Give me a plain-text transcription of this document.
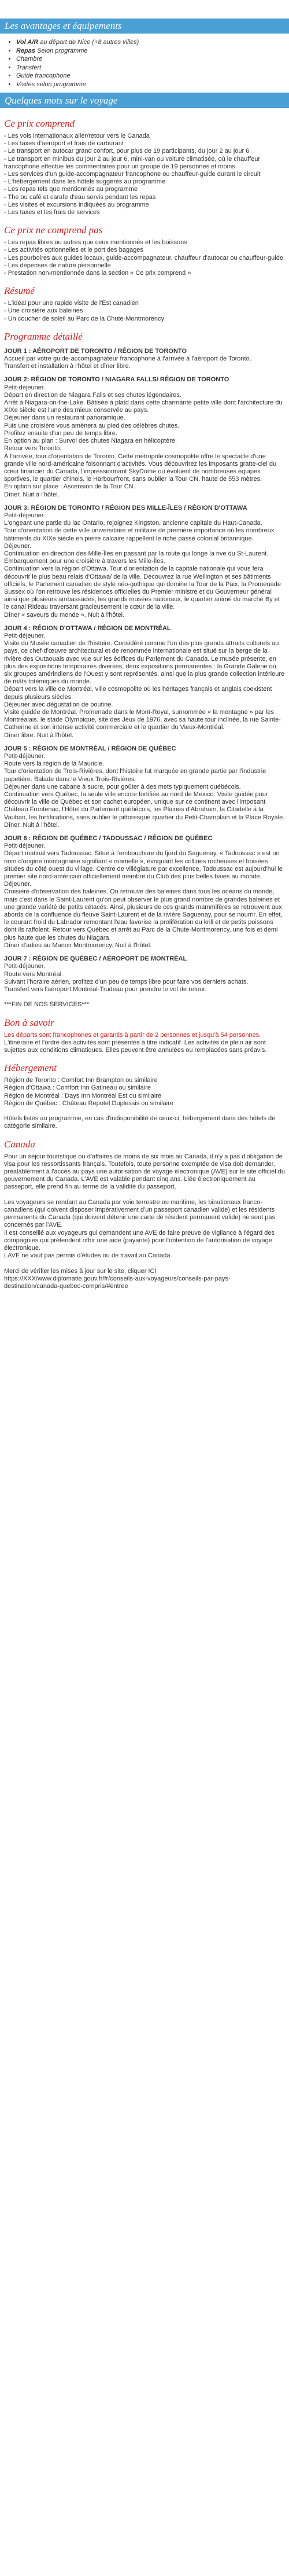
Les avantages et équipements
• Vol A/R au départ de Nice (+8 autres villes)
• Repas Selon programme
• Chambre
• Transfert
• Guide francophone
• Visites selon programme
Quelques mots sur le voyage
Ce prix comprend
- Les vols internationaux aller/retour vers le Canada
- Les taxes d'aéroport et frais de carburant
- Le transport en autocar grand confort, pour plus de 19 participants, du jour 2 au jour 6
- Le transport en minibus du jour 2 au jour 6, mini-van ou voiture climatisée, où le chauffeur francophone effectue les commentaires pour un groupe de 19 personnes et moins
- Les services d'un guide-accompagnateur francophone ou chauffeur-guide durant le circuit
- L'hébergement dans les hôtels suggérés au programme
- Les repas tels que mentionnés au programme
- The ou café et carafe d'eau servis pendant les repas
- Les visites et excursions indiquées au programme
- Les taxes et les frais de services
Ce prix ne comprend pas
- Les repas libres ou autres que ceux mentionnés et les boissons
- Les activités optionnelles et le port des bagages
- Les pourboires aux guides locaux, guide-accompagnateur, chauffeur d'autocar ou chauffeur-guide
- Les dépenses de nature personnelle
- Prestation non-mentionnée dans la section « Ce prix comprend »
Résumé
- L'idéal pour une rapide visite de l'Est canadien
- Une croisière aux baleines
- Un coucher de soleil au Parc de la Chute-Montmorency
Programme détaillé
JOUR 1 : AÉROPORT DE TORONTO / RÉGION DE TORONTO
Accueil par votre guide-accompagnateur francophone à l'arrivée à l'aéroport de Toronto.
Transfert et installation à l'hôtel et dîner libre.
JOUR 2: RÉGION DE TORONTO / NIAGARA FALLS/ RÉGION DE TORONTO
Petit-déjeuner.
Départ en direction de Niagara Falls et ses chutes légendaires.
Arrêt à Niagara-on-the-Lake. Bâtisée à platd dans cette charmante petite ville dont l'architecture du XIXe siècle est l'une des mieux conservée au pays.
Déjeuner dans un restaurant panoramique.
Puis une croisière vous amènera au pied des célèbres chutes.
Profitez ensuite d'un peu de temps libre.
En option au plan : Survol des chutes Niagara en hélicoptère.
Retour vers Toronto.
À l'arrivée, tour d'orientation de Toronto. Cette métropole cosmopolite offre le spectacle d'une grande ville nord-américaine foisonnant d'activités. Vous découvrirez les imposants gratte-ciel du cœur financier du Canada, l'impressionnant SkyDome où évoluent de nombreuses équipes sportives, le quartier chinois, le Harbourfront, sans oublier la Tour CN, haute de 553 mètres.
En option sur place : Ascension de la Tour CN.
Dîner. Nuit à l'hôtel.
JOUR 3: RÉGION DE TORONTO / RÉGION DES MILLE-ÎLES / RÉGION D'OTTAWA
Petit-déjeuner.
L'ongeant une partie du lac Ontario, rejoignez Kingston, ancienne capitale du Haut-Canada.
Tour d'orientation de cette ville universitaire et militaire de première importance où les nombreux bâtiments du XIXe siècle en pierre calcaire rappellent le riche passé colonial britannique.
Déjeuner.
Continuation en direction des Mille-Îles en passant par la route qui longe la rive du St-Laurent.
Embarquement pour une croisière à travers les Mille-Îles.
Continuation vers la région d'Ottawa. Tour d'orientation de la capitale nationale qui vous fera découvrir le plus beau relais d'Ottawa/ de la ville. Découvrez la rue Wellington et ses bâtiments officiels, le Parlement canadien de style néo-gothique qui domine la Tour de la Paix, la Promenade Sussex où l'on retrouve les résidences officielles du Premier ministre et du Gouverneur général ainsi que plusieurs ambassades, les grands musées nationaux, le quartier animé du marché By et le canal Rideau traversant gracieusement le cœur de la ville.
Dîner « saveurs du monde ». Nuit à l'hôtel.
JOUR 4 : RÉGION D'OTTAWA / RÉGION DE MONTRÉAL
Petit-déjeuner.
Visite du Musée canadien de l'histoire. Considéré comme l'un des plus grands attraits culturels au pays, ce chef-d'œuvre architectural et de renommée internationale est situé sur la berge de la rivière des Outaouais avec vue sur les édifices du Parlement du Canada. Le musée présente, en plus des expositions temporaires diverses, deux expositions permanentes : la Grande Galerie où six groupes amérindiens de l'Ouest y sont représentés, ainsi que la plus grande collection intérieure de mâts totémiques du monde.
Départ vers la ville de Montréal, ville cosmopolite où les héritages français et anglais coexistent depuis plusieurs siècles.
Déjeuner avec dégustation de poutine.
Visite guidée de Montréal. Promenade dans le Mont-Royal, surnommée « la montagne » par les Montréalais, le stade Olympique, site des Jeux de 1976, avec sa haute tour inclinée, la rue Sainte-Catherine et son intense activité commerciale et le quartier du Vieux-Montréal.
Dîner libre. Nuit à l'hôtel.
JOUR 5 : RÉGION DE MONTRÉAL / RÉGION DE QUÉBEC
Petit-déjeuner.
Route vers la région de la Mauricie.
Tour d'orientation de Trois-Rivières, dont l'histoire fut marquée en grande partie par l'industrie papetière. Balade dans le Vieux Trois-Rivières.
Déjeuner dans une cabane à sucre, pour goûter à des mets typiquement québécois.
Continuation vers Québec, la seule ville encore fortifiée au nord de Mexico. Visite guidée pour découvrir la ville de Québec et son cachet européen, unique sur ce continent avec l'imposant Château Frontenac, l'Hôtel du Parlement québécois, les Plaines d'Abraham, la Citadelle à la Vauban, les fortifications, sans oublier le pittoresque quartier du Petit-Champlain et la Place Royale.
Dîner. Nuit à l'hôtel.
JOUR 6 : RÉGION DE QUÉBEC / TADOUSSAC / RÉGION DE QUÉBEC
Petit-déjeuner.
Départ matinal vers Tadoussac. Situé à l'embouchure du fjord du Saguenay, « Tadoussac » est un nom d'origine montagnaise signifiant « mamelle », évoquant les collines rocheuses et boisées situées du côté ouest du village. Centre de villégiature par excellence, Tadoussac est aujourd'hui le premier site nord-américain officiellement membre du Club des plus belles baies au monde.
Déjeuner.
Croisière d'observation des baleines. On retrouve des baleines dans tous les océans du monde, mais c'est dans le Saint-Laurent qu'on peut observer le plus grand nombre de grandes baleines et une grande variété de petits cétacés. Ainsi, plusieurs de ces grands mammifères se retrouvent aux abords de la confluence du fleuve Saint-Laurent et de la rivière Saguenay, pour se nourrir. En effet, le courant froid du Labrador remontant l'eau favorise la prolifération du krill et de petits poissons dont ils raffolent. Retour vers Québec et arrêt au Parc de la Chute-Montmorency, une fois et demi plus haute que les chutes du Niagara.
Dîner d'adieu au Manoir Montmorency. Nuit à l'hôtel.
JOUR 7 : RÉGION DE QUÉBEC / AÉROPORT DE MONTRÉAL
Petit-déjeuner.
Route vers Montréal.
Suivant l'horaire aérien, profitez d'un peu de temps libre pour faire vos derniers achats.
Transfert vers l'aéroport Montréal-Trudeau pour prendre le vol de retour.

***FIN DE NOS SERVICES***
Bon à savoir
Les départs sont francophones et garantis à partir de 2 personnes et jusqu'à 54 personnes.
L'itinéraire et l'ordre des activités sont présentés à titre indicatif. Les activités de plein air sont sujettes aux conditions climatiques. Elles peuvent être annulées ou remplacées sans préavis.
Hébergement
Région de Toronto : Comfort Inn Brampton ou similaire
Région d'Ottawa : Comfort Inn Gatineau ou similaire
Région de Montréal : Days Inn Montréal Est ou similaire
Région de Québec : Château Repotel Duplessis ou similaire

Hôtels listés au programme, en cas d'indisponibilité de ceux-ci, hébergement dans des hôtels de catégorie similaire.
Canada
Pour un séjour touristique ou d'affaires de moins de six mois au Canada, il n'y a pas d'obligation de visa pour les ressortissants français. Toutefois, toute personne exemptée de visa doit demander, préalablement à l'accès au pays une autorisation de voyage électronique (AVE) sur le site officiel du gouvernement du Canada. L'AVE est valable pendant cinq ans. Liée électroniquement au passeport, elle prend fin au terme de la validité du passeport.

Les voyageurs se rendant au Canada par voie terrestre ou maritime, les binationaux franco-canadiens (qui doivent disposer impérativement d'un passeport canadien valide) et les résidents permanents du Canada (qui doivent détenir une carte de résident permanent valide) ne sont pas concernés par l'AVE.
Il est conseillé aux voyageurs qui demandent une AVE de faire preuve de vigilance à l'égard des compagnies qui prétendent offrir une aide (payante) pour l'obtention de l'autorisation de voyage électronique.
LAVE ne vaut pas permis d'études ou de travail au Canada.

Merci de vérifier les mises à jour sur le site, cliquer ICI
https://XXX/www.diplomatie.gouv.fr/fr/conseils-aux-voyageurs/conseils-par-pays-destination/canada-quebec-compris/#entree
